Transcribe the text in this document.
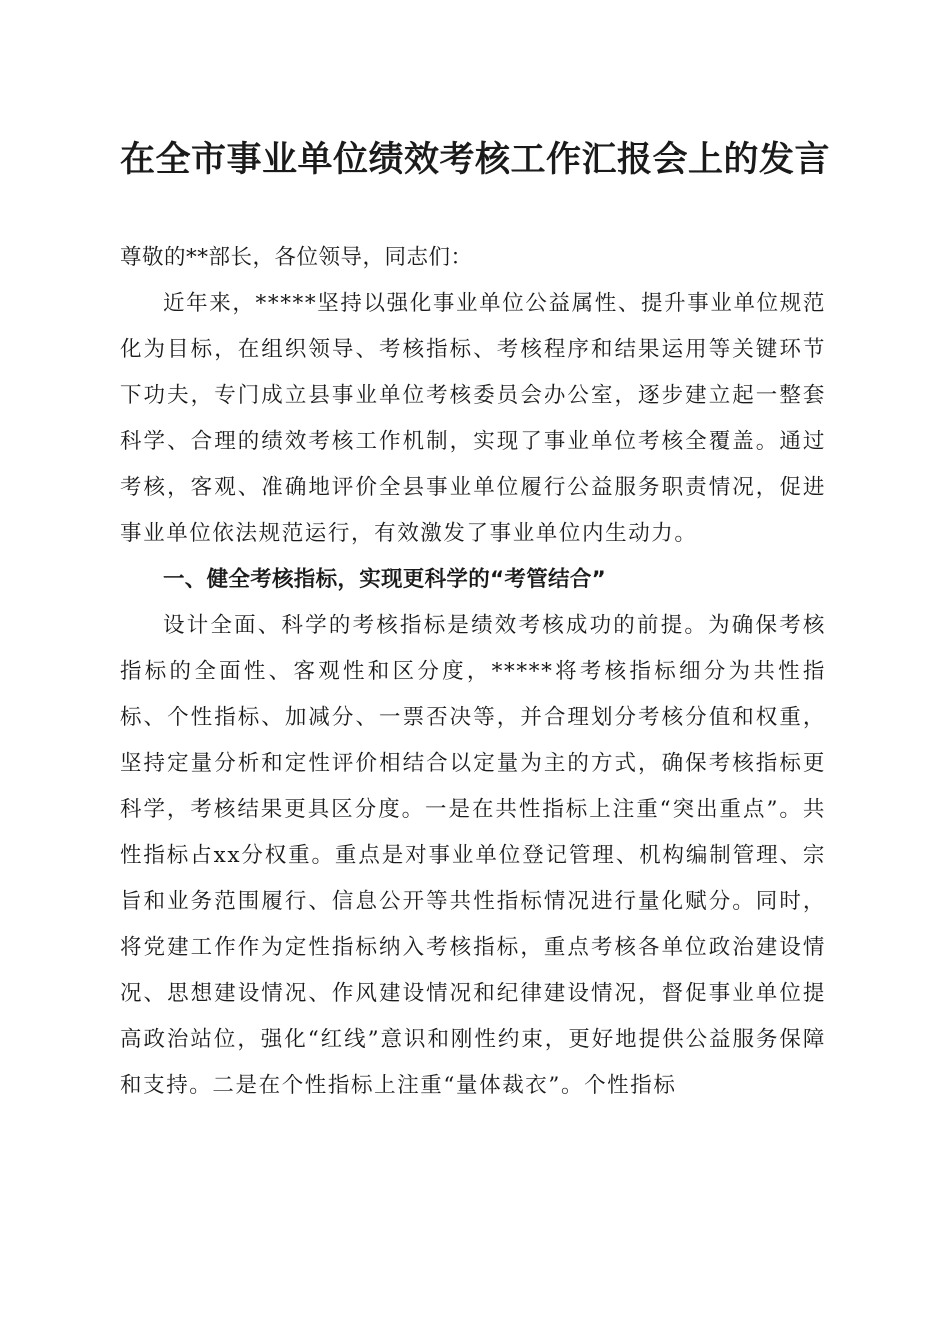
在全市事业单位绩效考核工作汇报会上的发言

尊敬的**部长，各位领导，同志们：

近年来，*****坚持以强化事业单位公益属性、提升事业单位规范化为目标，在组织领导、考核指标、考核程序和结果运用等关键环节下功夫，专门成立县事业单位考核委员会办公室，逐步建立起一整套科学、合理的绩效考核工作机制，实现了事业单位考核全覆盖。通过考核，客观、准确地评价全县事业单位履行公益服务职责情况，促进事业单位依法规范运行，有效激发了事业单位内生动力。

一、健全考核指标，实现更科学的“考管结合”

设计全面、科学的考核指标是绩效考核成功的前提。为确保考核指标的全面性、客观性和区分度，*****将考核指标细分为共性指标、个性指标、加减分、一票否决等，并合理划分考核分值和权重，坚持定量分析和定性评价相结合以定量为主的方式，确保考核指标更科学，考核结果更具区分度。一是在共性指标上注重“突出重点”。共性指标占xx分权重。重点是对事业单位登记管理、机构编制管理、宗旨和业务范围履行、信息公开等共性指标情况进行量化赋分。同时，将党建工作作为定性指标纳入考核指标，重点考核各单位政治建设情况、思想建设情况、作风建设情况和纪律建设情况，督促事业单位提高政治站位，强化“红线”意识和刚性约束，更好地提供公益服务保障和支持。二是在个性指标上注重“量体裁衣”。个性指标
